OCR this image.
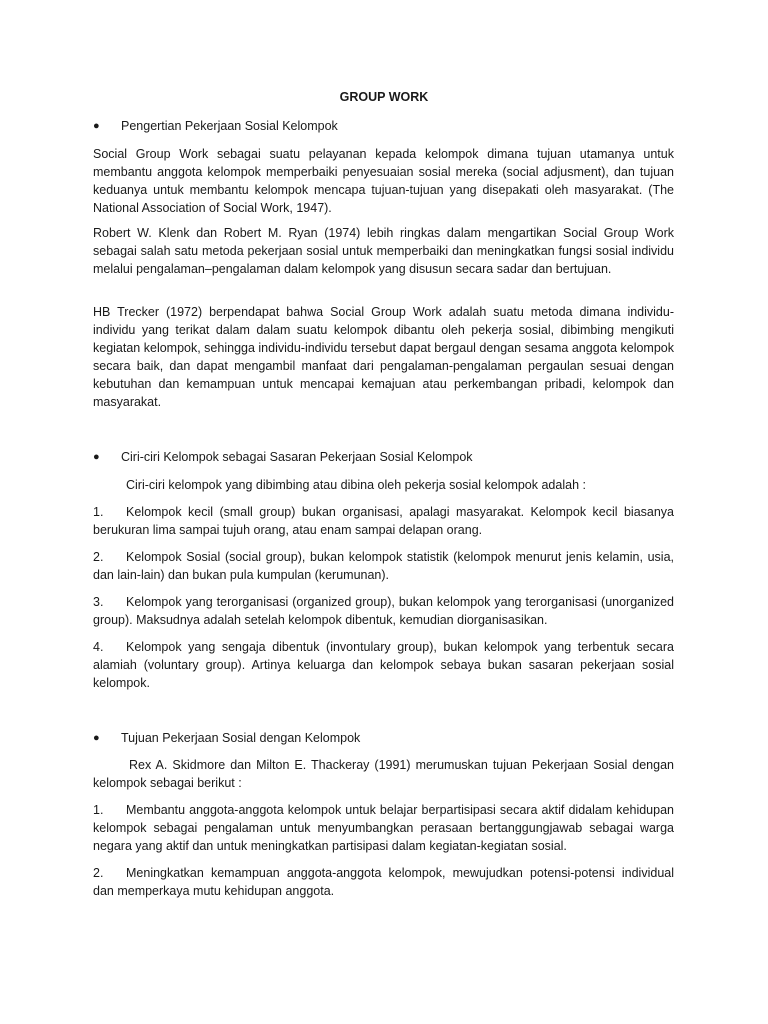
GROUP WORK
●	Pengertian Pekerjaan Sosial Kelompok

Social Group Work sebagai suatu pelayanan kepada kelompok dimana tujuan utamanya untuk membantu anggota kelompok memperbaiki penyesuaian sosial mereka (social adjusment), dan tujuan keduanya untuk membantu kelompok mencapa tujuan-tujuan yang disepakati oleh masyarakat. (The National Association of Social Work, 1947).

Robert W. Klenk dan Robert M. Ryan (1974) lebih ringkas dalam mengartikan Social Group Work sebagai salah satu metoda pekerjaan sosial untuk memperbaiki dan meningkatkan fungsi sosial individu melalui pengalaman–pengalaman dalam kelompok yang disusun secara sadar dan bertujuan.

HB Trecker (1972) berpendapat bahwa Social Group Work adalah suatu metoda dimana individu-individu yang terikat dalam dalam suatu kelompok dibantu oleh pekerja sosial, dibimbing mengikuti kegiatan kelompok, sehingga individu-individu tersebut dapat bergaul dengan sesama anggota kelompok secara baik, dan dapat mengambil manfaat dari pengalaman-pengalaman pergaulan sesuai dengan kebutuhan dan kemampuan untuk mencapai kemajuan atau perkembangan pribadi, kelompok dan masyarakat.

●	Ciri-ciri Kelompok sebagai Sasaran Pekerjaan Sosial Kelompok

Ciri-ciri kelompok yang dibimbing atau dibina oleh pekerja sosial kelompok adalah :

1. Kelompok kecil (small group) bukan organisasi, apalagi masyarakat. Kelompok kecil biasanya berukuran lima sampai tujuh orang, atau enam sampai delapan orang.

2. Kelompok Sosial (social group), bukan kelompok statistik (kelompok menurut jenis kelamin, usia, dan lain-lain) dan bukan pula kumpulan (kerumunan).

3. Kelompok yang terorganisasi (organized group), bukan kelompok yang terorganisasi (unorganized group). Maksudnya adalah setelah kelompok dibentuk, kemudian diorganisasikan.

4. Kelompok yang sengaja dibentuk (invontulary group), bukan kelompok yang terbentuk secara alamiah (voluntary group). Artinya keluarga dan kelompok sebaya bukan sasaran pekerjaan sosial kelompok.

●	Tujuan Pekerjaan Sosial dengan Kelompok

Rex A. Skidmore dan Milton E. Thackeray (1991) merumuskan tujuan Pekerjaan Sosial dengan kelompok sebagai berikut :

1. Membantu anggota-anggota kelompok untuk belajar berpartisipasi secara aktif didalam kehidupan kelompok sebagai pengalaman untuk menyumbangkan perasaan bertanggungjawab sebagai warga negara yang aktif dan untuk meningkatkan partisipasi dalam kegiatan-kegiatan sosial.

2. Meningkatkan kemampuan anggota-anggota kelompok, mewujudkan potensi-potensi individual dan memperkaya mutu kehidupan anggota.
